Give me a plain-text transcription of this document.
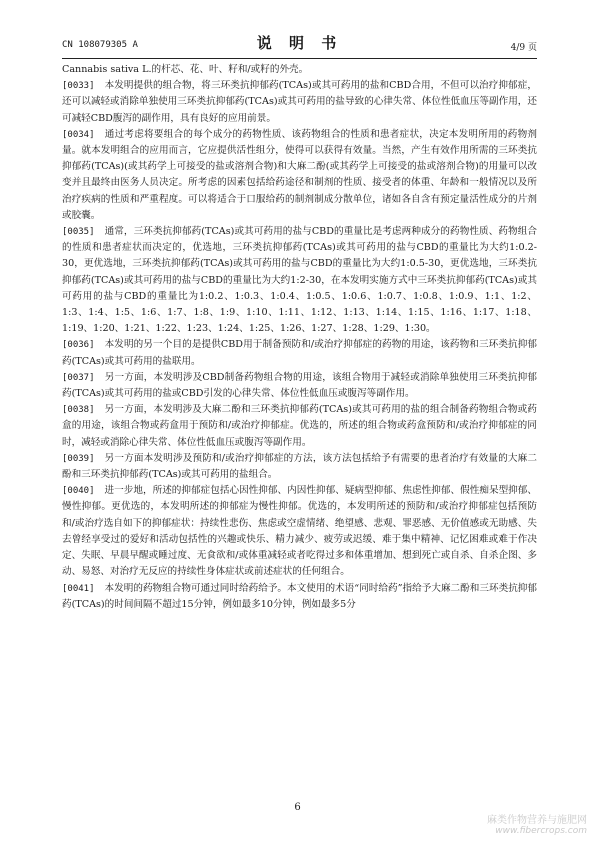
CN 108079305 A	说 明 书	4/9 页

Cannabis sativa L.的杆芯、花、叶、籽和/或籽的外壳。

[0033] 本发明提供的组合物，将三环类抗抑郁药(TCAs)或其可药用的盐和CBD合用，不但可以治疗抑郁症，还可以减轻或消除单独使用三环类抗抑郁药(TCAs)或其可药用的盐导致的心律失常、体位性低血压等副作用，还可减轻CBD腹泻的副作用，具有良好的应用前景。

[0034] 通过考虑将要组合的每个成分的药物性质、该药物组合的性质和患者症状，决定本发明所用的药物剂量。就本发明组合的应用而言，它应提供活性组分，使得可以获得有效量。当然，产生有效作用所需的三环类抗抑郁药(TCAs)(或其药学上可接受的盐或溶剂合物)和大麻二酚(或其药学上可接受的盐或溶剂合物)的用量可以改变并且最终由医务人员决定。所考虑的因素包括给药途径和制剂的性质、接受者的体重、年龄和一般情况以及所治疗疾病的性质和严重程度。可以将适合于口服给药的制剂制成分散单位，诸如各自含有预定量活性成分的片剂或胶囊。

[0035] 通常，三环类抗抑郁药(TCAs)或其可药用的盐与CBD的重量比是考虑两种成分的药物性质、药物组合的性质和患者症状而决定的，优选地，三环类抗抑郁药(TCAs)或其可药用的盐与CBD的重量比为大约1:0.2-30，更优选地，三环类抗抑郁药(TCAs)或其可药用的盐与CBD的重量比为大约1:0.5-30，更优选地，三环类抗抑郁药(TCAs)或其可药用的盐与CBD的重量比为大约1:2-30，在本发明实施方式中三环类抗抑郁药(TCAs)或其可药用的盐与CBD的重量比为1:0.2、1:0.3、1:0.4、1:0.5、1:0.6、1:0.7、1:0.8、1:0.9、1:1、1:2、1:3、1:4、1:5、1:6、1:7、1:8、1:9、1:10、1:11、1:12、1:13、1:14、1:15、1:16、1:17、1:18、1:19、1:20、1:21、1:22、1:23、1:24、1:25、1:26、1:27、1:28、1:29、1:30。

[0036] 本发明的另一个目的是提供CBD用于制备预防和/或治疗抑郁症的药物的用途，该药物和三环类抗抑郁药(TCAs)或其可药用的盐联用。

[0037] 另一方面，本发明涉及CBD制备药物组合物的用途，该组合物用于减轻或消除单独使用三环类抗抑郁药(TCAs)或其可药用的盐或CBD引发的心律失常、体位性低血压或腹泻等副作用。

[0038] 另一方面，本发明涉及大麻二酚和三环类抗抑郁药(TCAs)或其可药用的盐的组合制备药物组合物或药盒的用途，该组合物或药盒用于预防和/或治疗抑郁症。优选的，所述的组合物或药盒预防和/或治疗抑郁症的同时，减轻或消除心律失常、体位性低血压或腹泻等副作用。

[0039] 另一方面本发明涉及预防和/或治疗抑郁症的方法，该方法包括给予有需要的患者治疗有效量的大麻二酚和三环类抗抑郁药(TCAs)或其可药用的盐组合。

[0040] 进一步地，所述的抑郁症包括心因性抑郁、内因性抑郁、疑病型抑郁、焦虑性抑郁、假性痴呆型抑郁、慢性抑郁。更优选的，本发明所述的抑郁症为慢性抑郁。优选的，本发明所述的预防和/或治疗抑郁症包括预防和/或治疗选自如下的抑郁症状：持续性悲伤、焦虑或空虚情绪、绝望感、悲观、罪恶感、无价值感或无助感、失去曾经享受过的爱好和活动包括性的兴趣或快乐、精力减少、疲劳或迟缓、难于集中精神、记忆困难或难于作决定、失眠、早晨早醒或睡过度、无食欲和/或体重减轻或者吃得过多和体重增加、想到死亡或自杀、自杀企图、多动、易怒、对治疗无反应的持续性身体症状或前述症状的任何组合。

[0041] 本发明的药物组合物可通过同时给药给予。本文使用的术语“同时给药”指给予大麻二酚和三环类抗抑郁药(TCAs)的时间间隔不超过15分钟，例如最多10分钟，例如最多5分

6
麻类作物营养与施肥网
www.fibercrops.com
